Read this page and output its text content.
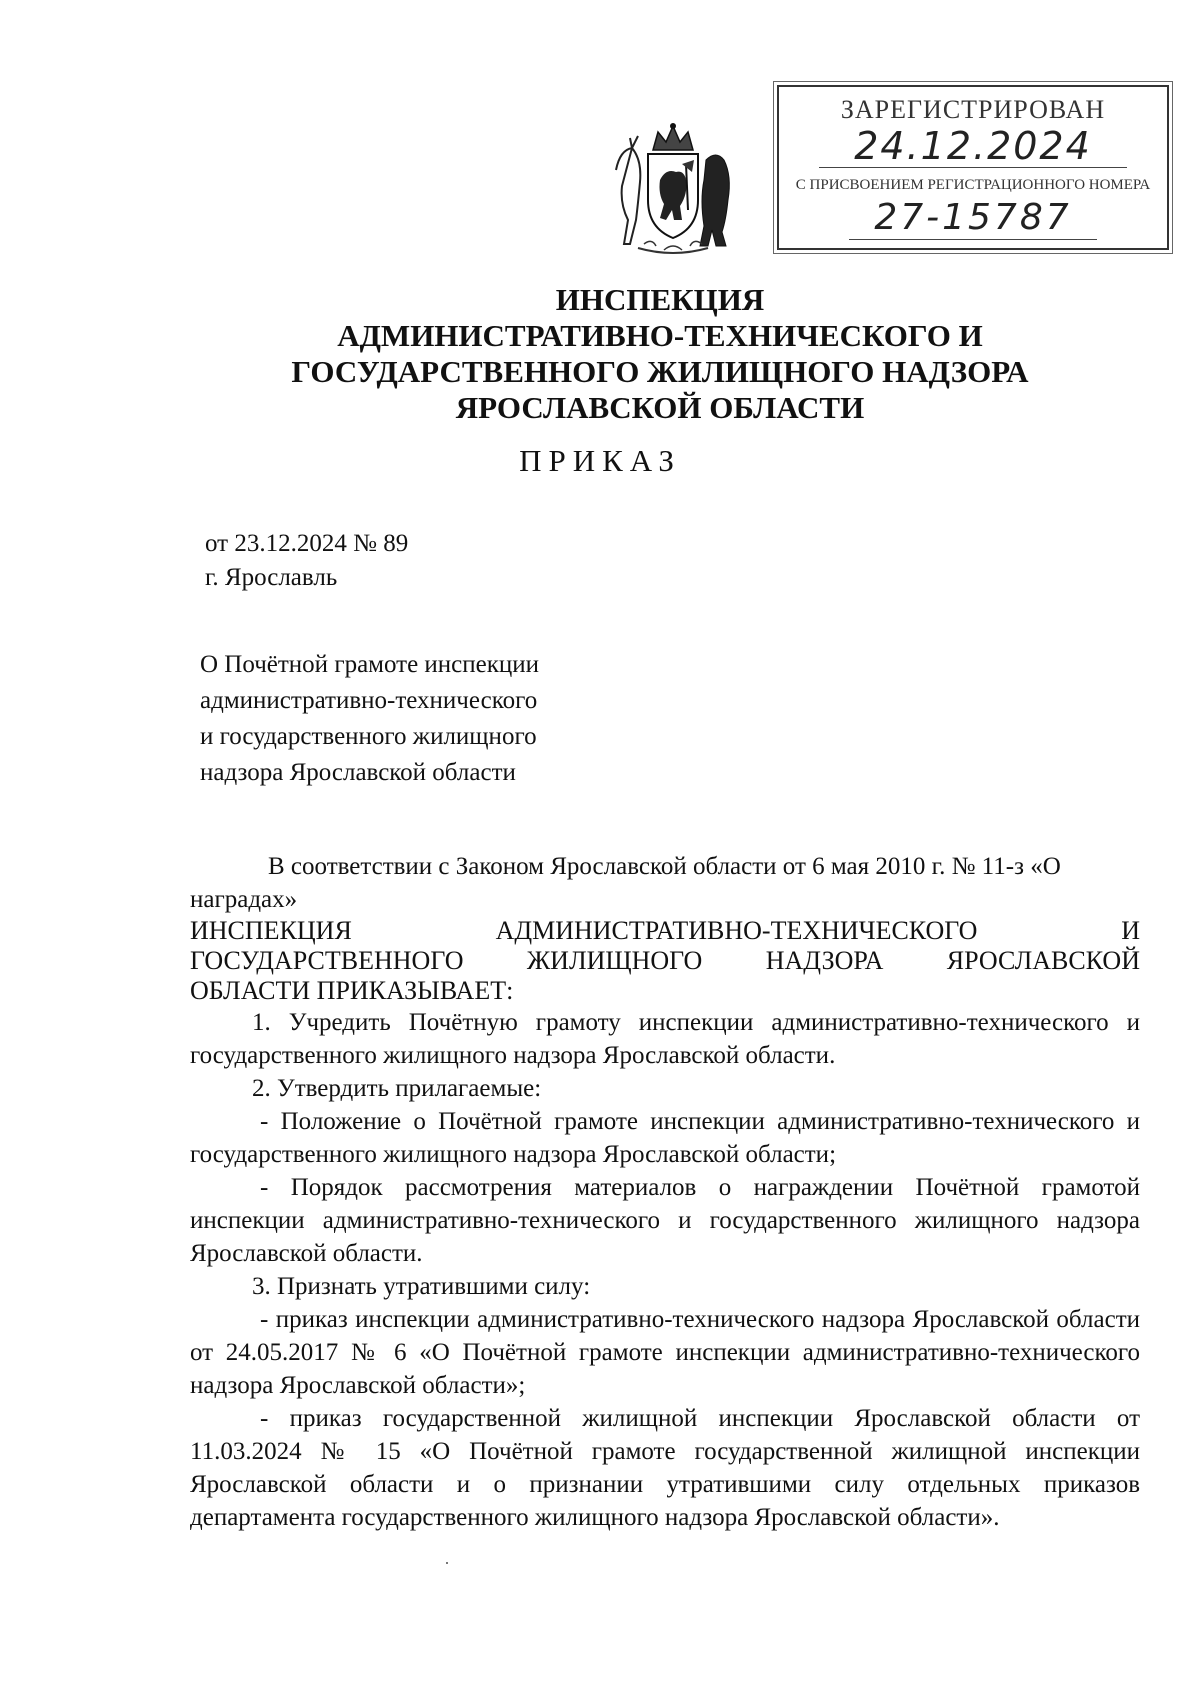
ЗАРЕГИСТРИРОВАН
24.12.2024
С ПРИСВОЕНИЕМ РЕГИСТРАЦИОННОГО НОМЕРА
27-15787
ИНСПЕКЦИЯ
АДМИНИСТРАТИВНО-ТЕХНИЧЕСКОГО И
ГОСУДАРСТВЕННОГО ЖИЛИЩНОГО НАДЗОРА
ЯРОСЛАВСКОЙ ОБЛАСТИ
ПРИКАЗ
от 23.12.2024 № 89
г. Ярославль
О Почётной грамоте инспекции
административно-технического
и государственного жилищного
надзора Ярославской области

В соответствии с Законом Ярославской области от 6 мая 2010 г. № 11-з «О наградах»

ИНСПЕКЦИЯ АДМИНИСТРАТИВНО-ТЕХНИЧЕСКОГО И
ГОСУДАРСТВЕННОГО ЖИЛИЩНОГО НАДЗОРА ЯРОСЛАВСКОЙ
ОБЛАСТИ ПРИКАЗЫВАЕТ:

1. Учредить Почётную грамоту инспекции административно-технического и государственного жилищного надзора Ярославской области.

2. Утвердить прилагаемые:

- Положение о Почётной грамоте инспекции административно-технического и государственного жилищного надзора Ярославской области;

- Порядок рассмотрения материалов о награждении Почётной грамотой инспекции административно-технического и государственного жилищного надзора Ярославской области.

3. Признать утратившими силу:

- приказ инспекции административно-технического надзора Ярославской области от 24.05.2017 № 6 «О Почётной грамоте инспекции административно-технического надзора Ярославской области»;

- приказ государственной жилищной инспекции Ярославской области от 11.03.2024 № 15 «О Почётной грамоте государственной жилищной инспекции Ярославской области и о признании утратившими силу отдельных приказов департамента государственного жилищного надзора Ярославской области».
